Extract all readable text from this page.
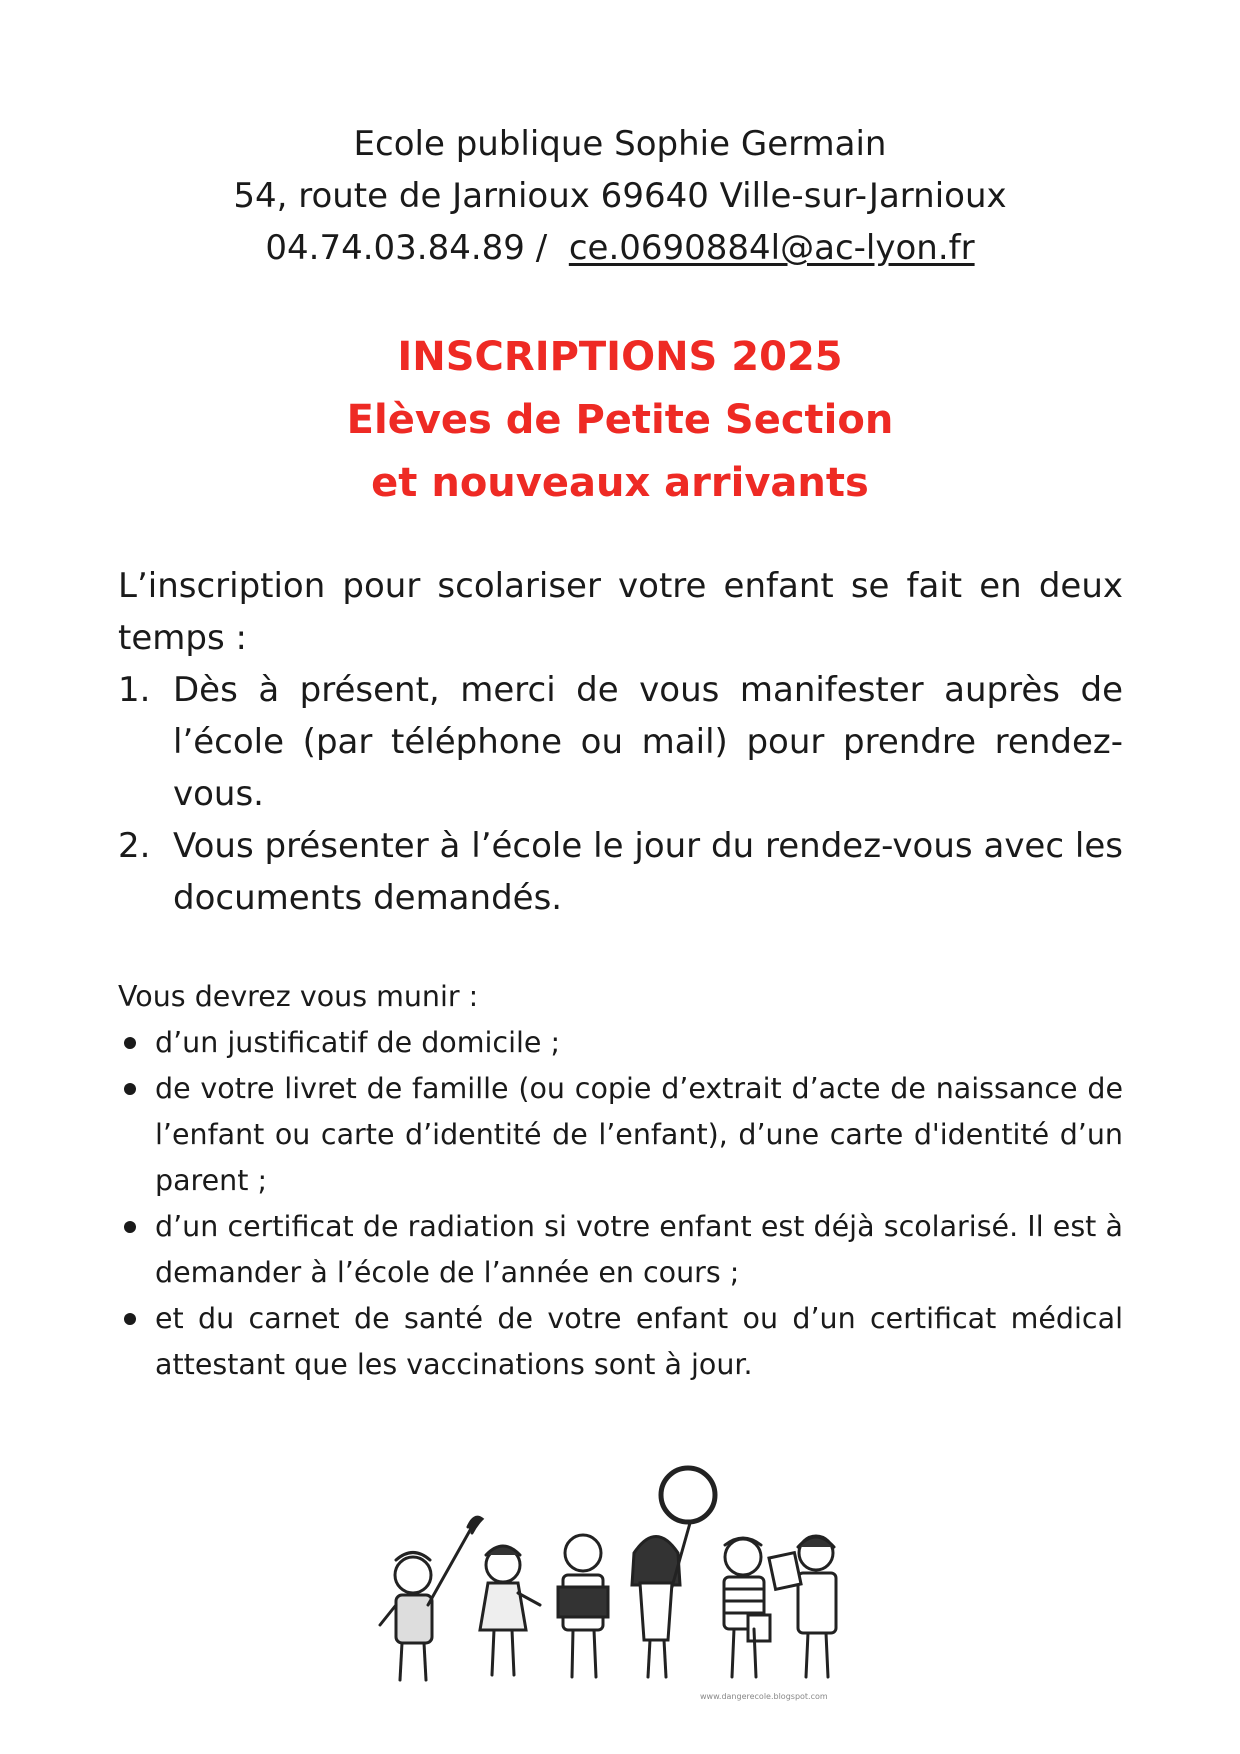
Ecole publique Sophie Germain
54, route de Jarnioux 69640 Ville-sur-Jarnioux
04.74.03.84.89 / ce.0690884l@ac-lyon.fr
INSCRIPTIONS 2025
Elèves de Petite Section
et nouveaux arrivants

L’inscription pour scolariser votre enfant se fait en deux temps :

1. Dès à présent, merci de vous manifester auprès de l’école (par téléphone ou mail) pour prendre rendez-vous.
2. Vous présenter à l’école le jour du rendez-vous avec les documents demandés.

Vous devrez vous munir :

d’un justificatif de domicile ;
de votre livret de famille (ou copie d’extrait d’acte de naissance de l’enfant ou carte d’identité de l’enfant), d’une carte d'identité d’un parent ;
d’un certificat de radiation si votre enfant est déjà scolarisé. Il est à demander à l’école de l’année en cours ;
et du carnet de santé de votre enfant ou d’un certificat médical attestant que les vaccinations sont à jour.
www.dangerecole.blogspot.com
